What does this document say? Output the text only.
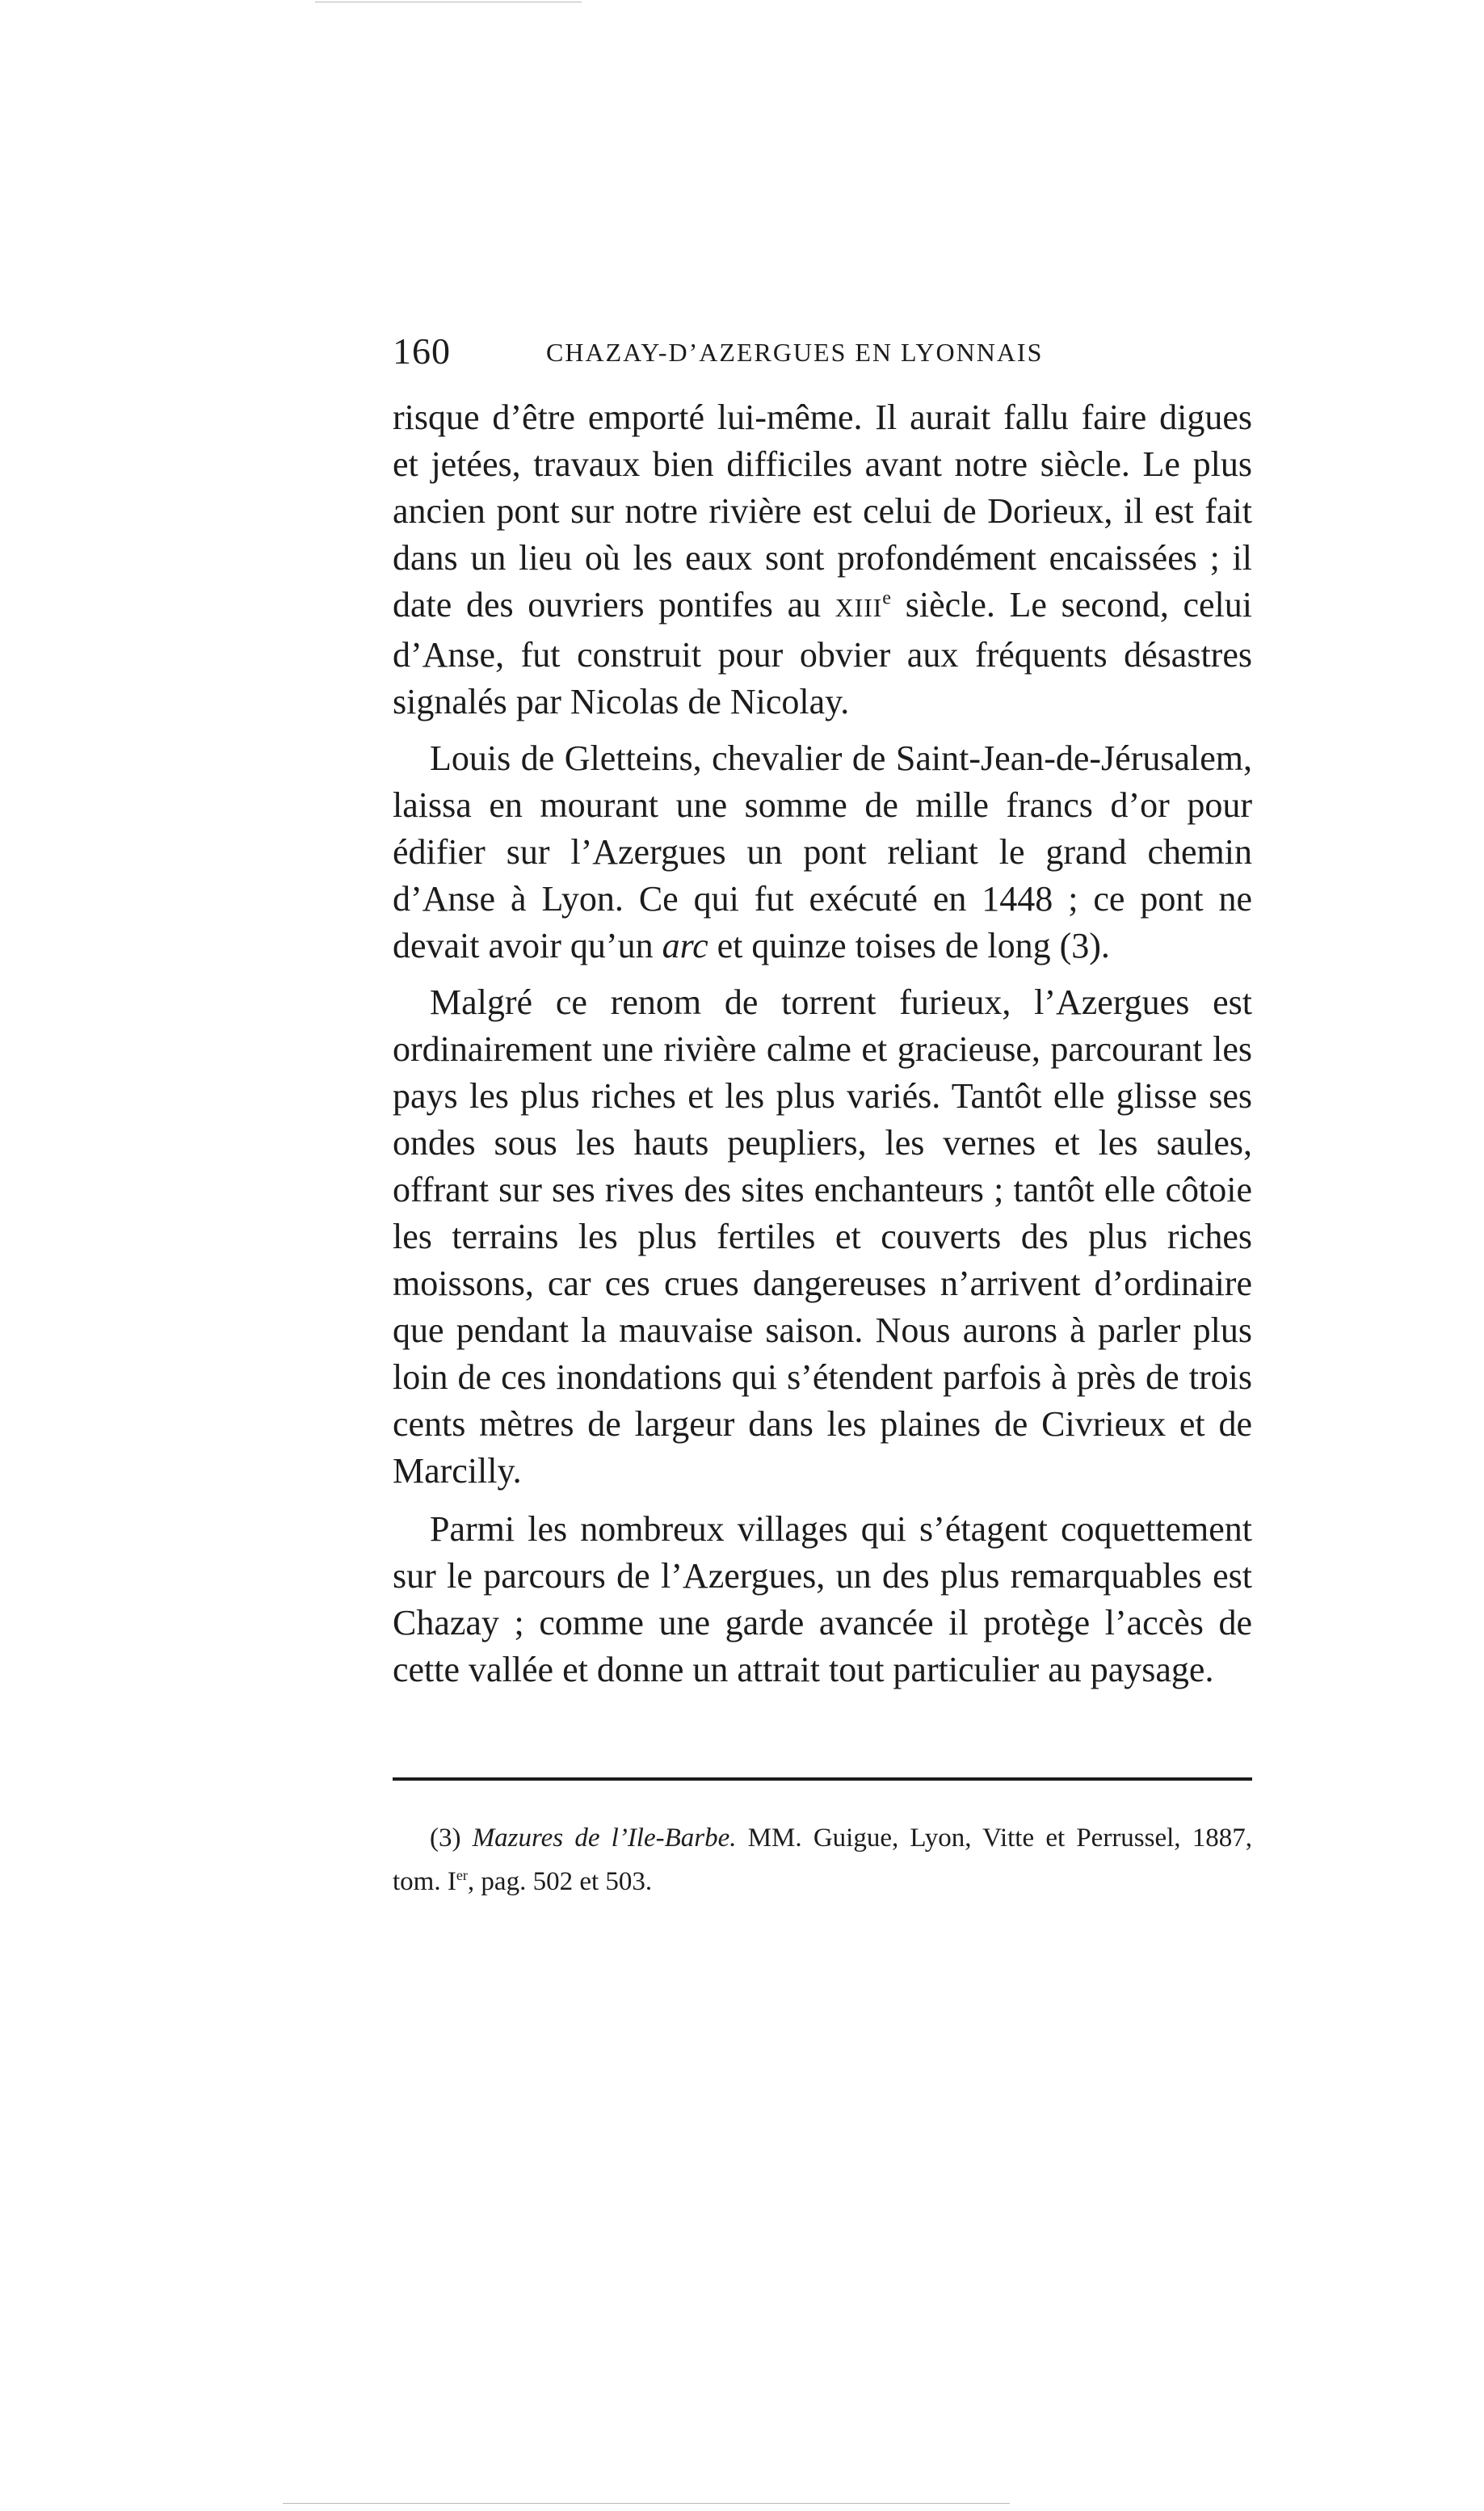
160	CHAZAY-D’AZERGUES EN LYONNAIS

risque d’être emporté lui-même. Il aurait fallu faire digues et jetées, travaux bien difficiles avant notre siècle. Le plus ancien pont sur notre rivière est celui de Dorieux, il est fait dans un lieu où les eaux sont profondément encaissées ; il date des ouvriers pontifes au XIIIe siècle. Le second, celui d’Anse, fut construit pour obvier aux fréquents désastres signalés par Nicolas de Nicolay.

Louis de Gletteins, chevalier de Saint-Jean-de-Jérusalem, laissa en mourant une somme de mille francs d’or pour édifier sur l’Azergues un pont reliant le grand chemin d’Anse à Lyon. Ce qui fut exécuté en 1448 ; ce pont ne devait avoir qu’un arc et quinze toises de long (3).

Malgré ce renom de torrent furieux, l’Azergues est ordinairement une rivière calme et gracieuse, parcourant les pays les plus riches et les plus variés. Tantôt elle glisse ses ondes sous les hauts peupliers, les vernes et les saules, offrant sur ses rives des sites enchanteurs ; tantôt elle côtoie les terrains les plus fertiles et couverts des plus riches moissons, car ces crues dangereuses n’arrivent d’ordinaire que pendant la mauvaise saison. Nous aurons à parler plus loin de ces inondations qui s’étendent parfois à près de trois cents mètres de largeur dans les plaines de Civrieux et de Marcilly.

Parmi les nombreux villages qui s’étagent coquettement sur le parcours de l’Azergues, un des plus remarquables est Chazay ; comme une garde avancée il protège l’accès de cette vallée et donne un attrait tout particulier au paysage.

(3) Mazures de l’Ile-Barbe. MM. Guigue, Lyon, Vitte et Perrussel, 1887, tom. Ier, pag. 502 et 503.
